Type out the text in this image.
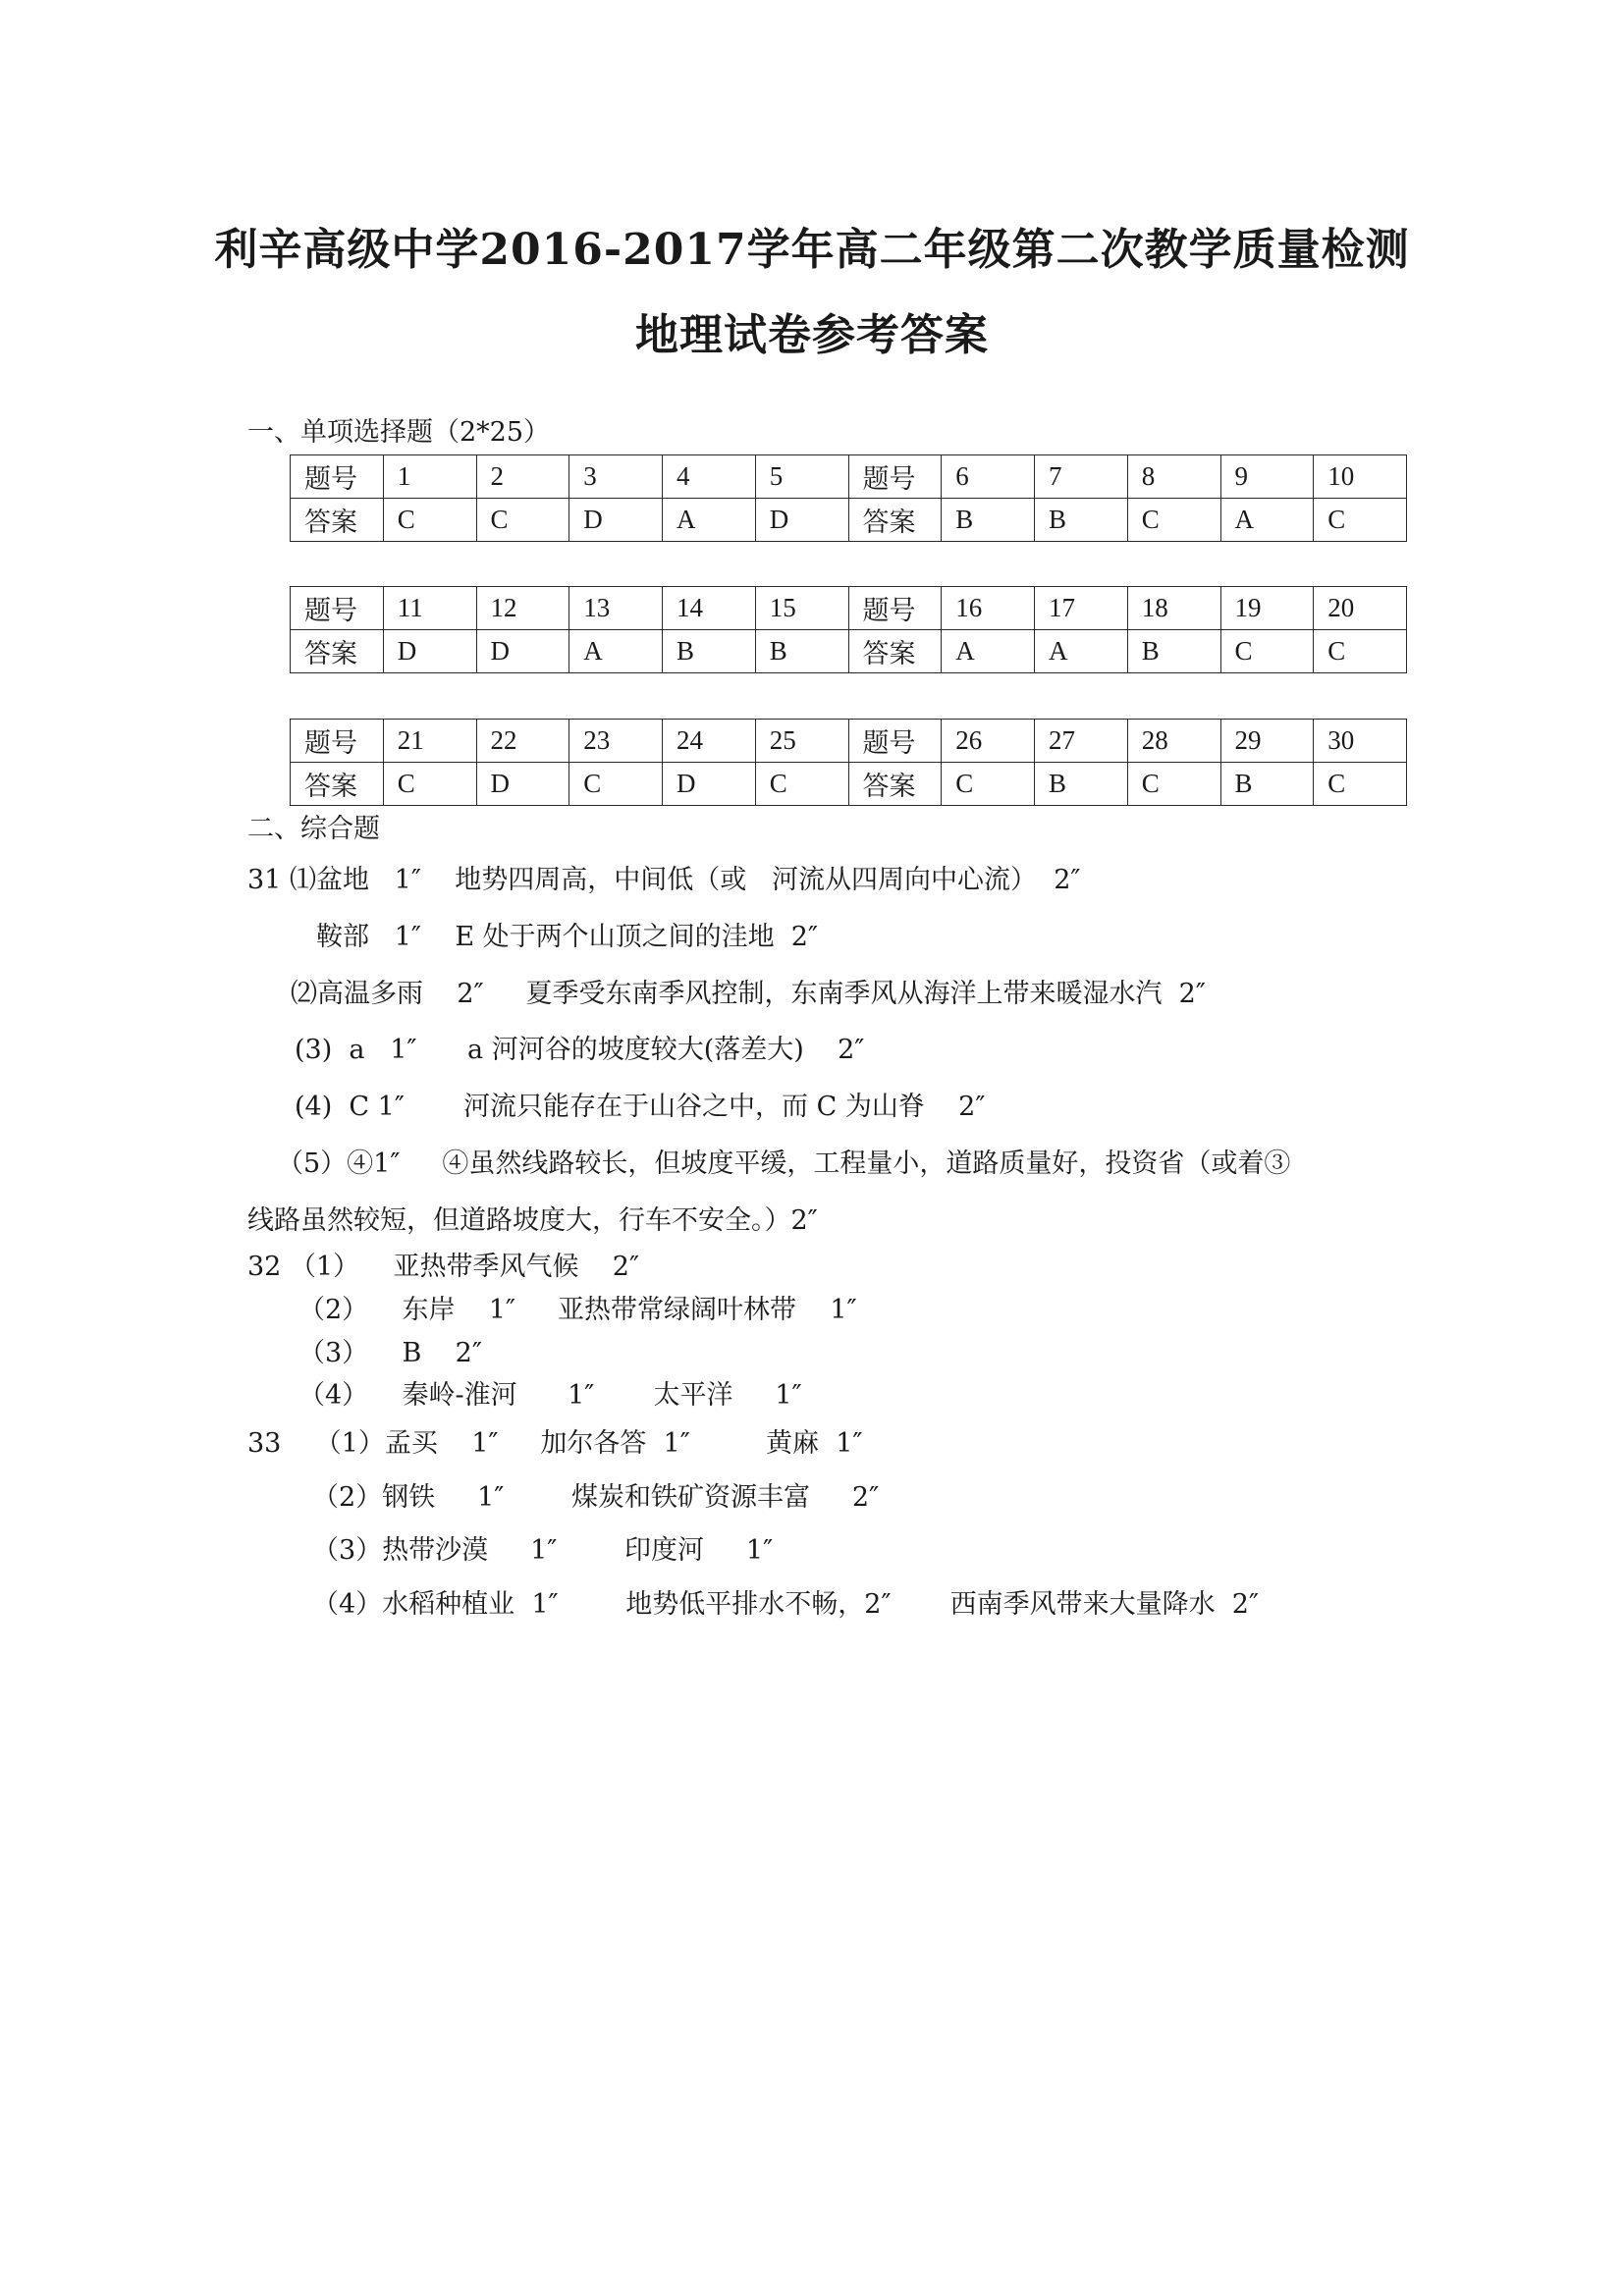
利辛高级中学2016-2017学年高二年级第二次教学质量检测
地理试卷参考答案
一、单项选择题（2*25）
题号	1	2	3	4	5	题号	6	7	8	9	10
答案	C	C	D	A	D	答案	B	B	C	A	C
题号	11	12	13	14	15	题号	16	17	18	19	20
答案	D	D	A	B	B	答案	A	A	B	C	C
题号	21	22	23	24	25	题号	26	27	28	29	30
答案	C	D	C	D	C	答案	C	B	C	B	C
二、综合题
31 ⑴盆地   1″    地势四周高，中间低（或   河流从四周向中心流）  2″
鞍部   1″    E 处于两个山顶之间的洼地  2″
⑵高温多雨    2″     夏季受东南季风控制，东南季风从海洋上带来暖湿水汽  2″
(3)  a   1″      a 河河谷的坡度较大(落差大)    2″
(4)  C 1″       河流只能存在于山谷之中，而 C 为山脊    2″
（5）④1″     ④虽然线路较长，但坡度平缓，工程量小，道路质量好，投资省（或着③
线路虽然较短，但道路坡度大，行车不安全。）2″
32 （1）    亚热带季风气候    2″
（2）    东岸    1″     亚热带常绿阔叶林带    1″
（3）    B    2″
（4）    秦岭-淮河      1″       太平洋     1″
33    （1）孟买    1″     加尔各答  1″         黄麻  1″
（2）钢铁     1″        煤炭和铁矿资源丰富     2″
（3）热带沙漠     1″        印度河     1″
（4）水稻种植业  1″        地势低平排水不畅，2″       西南季风带来大量降水  2″
